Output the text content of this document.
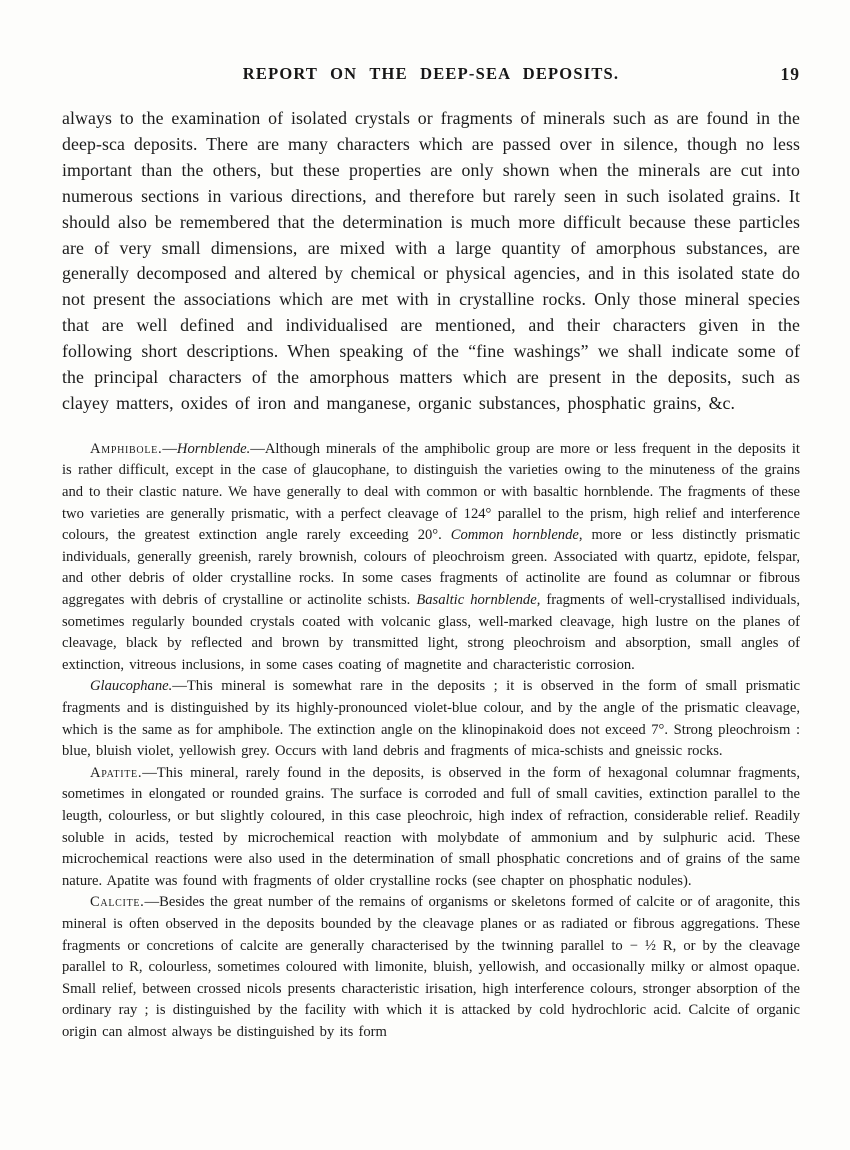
REPORT ON THE DEEP-SEA DEPOSITS.	19

always to the examination of isolated crystals or fragments of minerals such as are found in the deep-sca deposits. There are many characters which are passed over in silence, though no less important than the others, but these properties are only shown when the minerals are cut into numerous sections in various directions, and therefore but rarely seen in such isolated grains. It should also be remembered that the determination is much more difficult because these particles are of very small dimensions, are mixed with a large quantity of amorphous substances, are generally decomposed and altered by chemical or physical agencies, and in this isolated state do not present the associations which are met with in crystalline rocks. Only those mineral species that are well defined and individualised are mentioned, and their characters given in the following short descriptions. When speaking of the “fine washings” we shall indicate some of the principal characters of the amorphous matters which are present in the deposits, such as clayey matters, oxides of iron and manganese, organic substances, phosphatic grains, &c.

Amphibole.—Hornblende.—Although minerals of the amphibolic group are more or less frequent in the deposits it is rather difficult, except in the case of glaucophane, to distinguish the varieties owing to the minuteness of the grains and to their clastic nature. We have generally to deal with common or with basaltic hornblende. The fragments of these two varieties are generally prismatic, with a perfect cleavage of 124° parallel to the prism, high relief and interference colours, the greatest extinction angle rarely exceeding 20°. Common hornblende, more or less distinctly prismatic individuals, generally greenish, rarely brownish, colours of pleochroism green. Associated with quartz, epidote, felspar, and other debris of older crystalline rocks. In some cases fragments of actinolite are found as columnar or fibrous aggregates with debris of crystalline or actinolite schists. Basaltic hornblende, fragments of well-crystallised individuals, sometimes regularly bounded crystals coated with volcanic glass, well-marked cleavage, high lustre on the planes of cleavage, black by reflected and brown by transmitted light, strong pleochroism and absorption, small angles of extinction, vitreous inclusions, in some cases coating of magnetite and characteristic corrosion.

Glaucophane.—This mineral is somewhat rare in the deposits ; it is observed in the form of small prismatic fragments and is distinguished by its highly-pronounced violet-blue colour, and by the angle of the prismatic cleavage, which is the same as for amphibole. The extinction angle on the klinopinakoid does not exceed 7°. Strong pleochroism : blue, bluish violet, yellowish grey. Occurs with land debris and fragments of mica-schists and gneissic rocks.

Apatite.—This mineral, rarely found in the deposits, is observed in the form of hexagonal columnar fragments, sometimes in elongated or rounded grains. The surface is corroded and full of small cavities, extinction parallel to the leugth, colourless, or but slightly coloured, in this case pleochroic, high index of refraction, considerable relief. Readily soluble in acids, tested by microchemical reaction with molybdate of ammonium and by sulphuric acid. These microchemical reactions were also used in the determination of small phosphatic concretions and of grains of the same nature. Apatite was found with fragments of older crystalline rocks (see chapter on phosphatic nodules).

Calcite.—Besides the great number of the remains of organisms or skeletons formed of calcite or of aragonite, this mineral is often observed in the deposits bounded by the cleavage planes or as radiated or fibrous aggregations. These fragments or concretions of calcite are generally characterised by the twinning parallel to − ½ R, or by the cleavage parallel to R, colourless, sometimes coloured with limonite, bluish, yellowish, and occasionally milky or almost opaque. Small relief, between crossed nicols presents characteristic irisation, high interference colours, stronger absorption of the ordinary ray ; is distinguished by the facility with which it is attacked by cold hydrochloric acid. Calcite of organic origin can almost always be distinguished by its form
